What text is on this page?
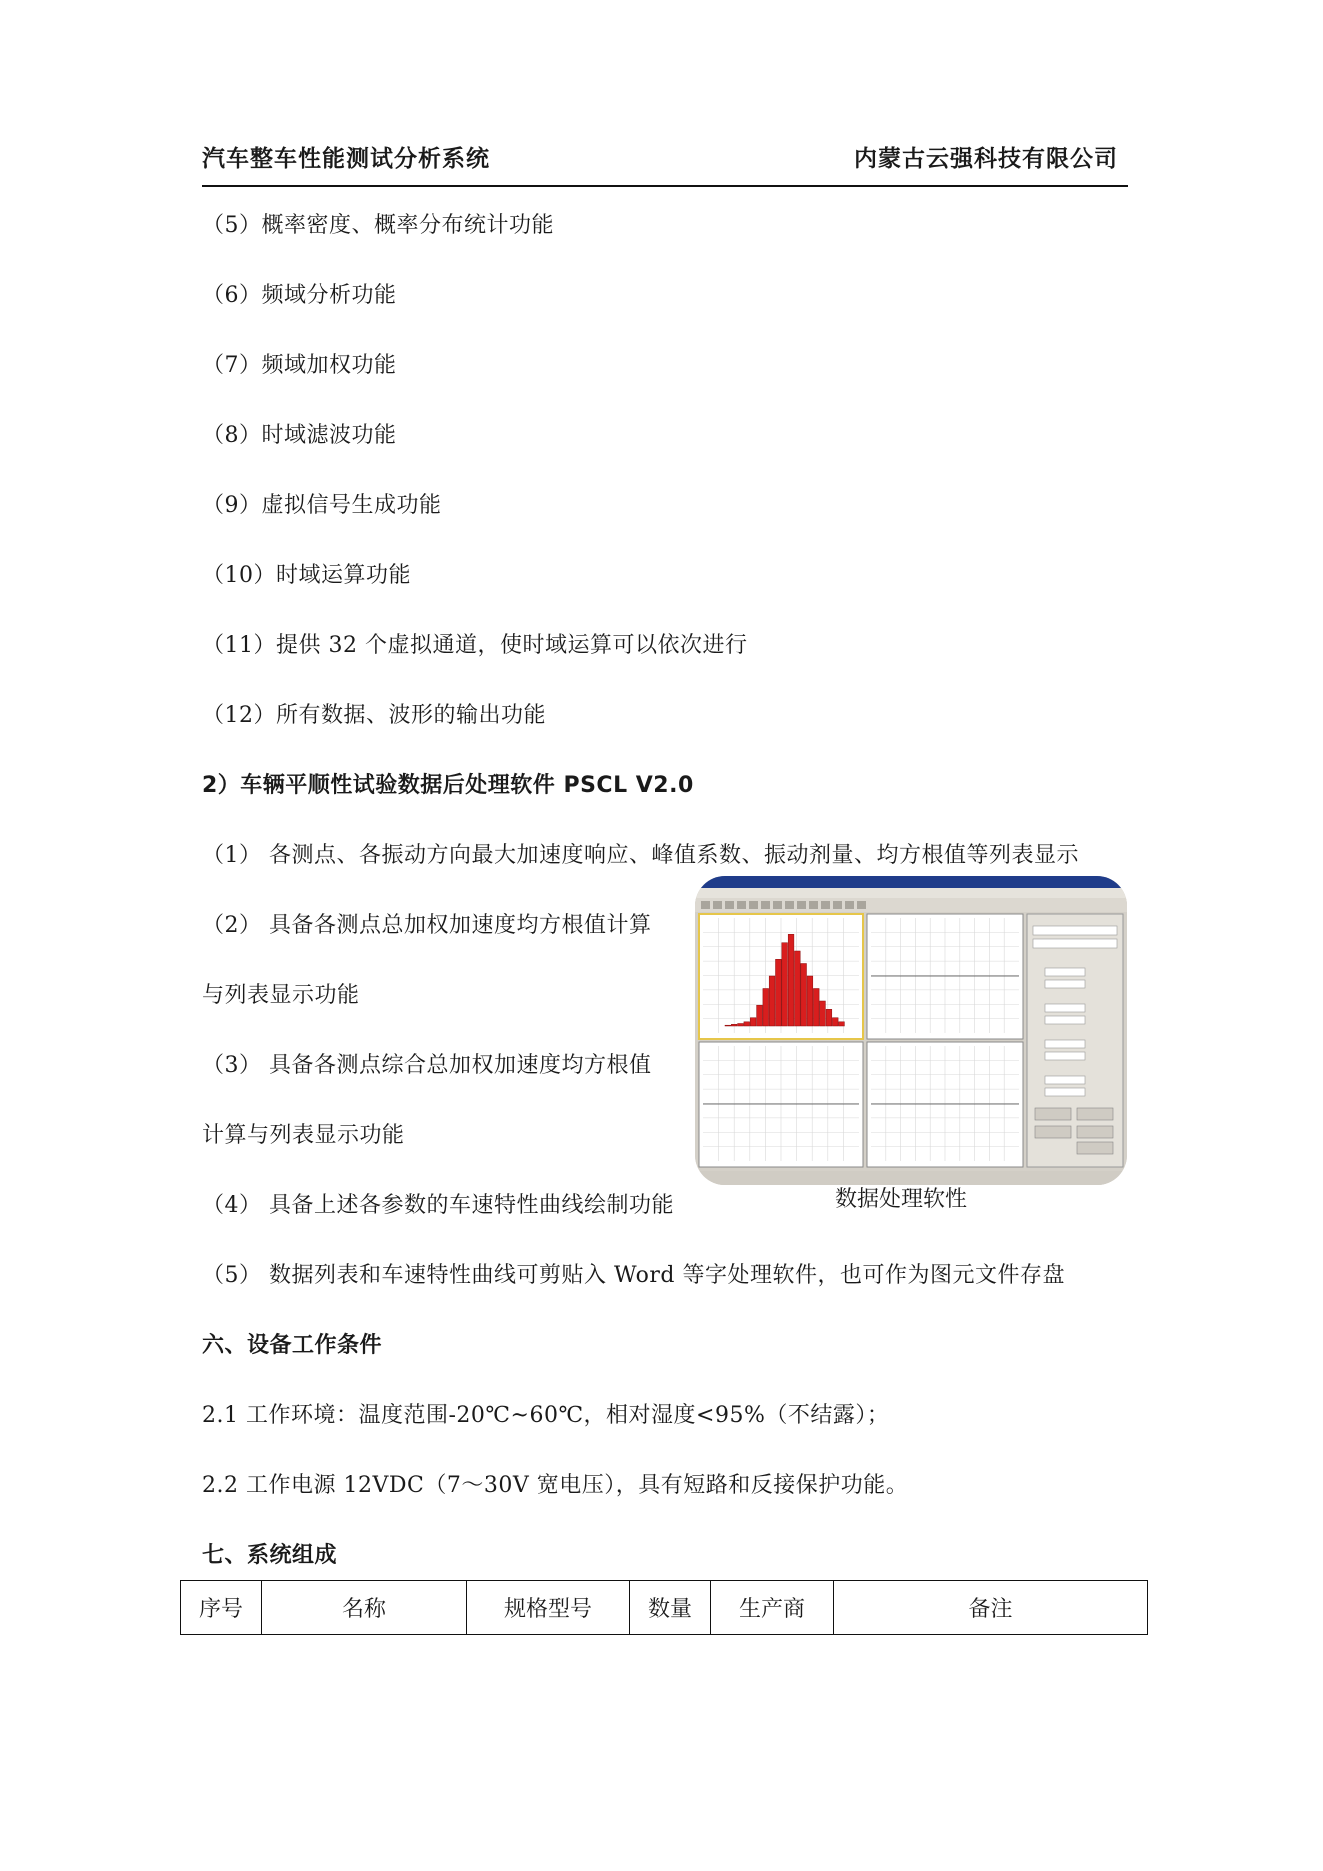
汽车整车性能测试分析系统	内蒙古云强科技有限公司
（5）概率密度、概率分布统计功能
（6）频域分析功能
（7）频域加权功能
（8）时域滤波功能
（9）虚拟信号生成功能
（10）时域运算功能
（11）提供 32 个虚拟通道，使时域运算可以依次进行
（12）所有数据、波形的输出功能
2）车辆平顺性试验数据后处理软件 PSCL V2.0
（1） 各测点、各振动方向最大加速度响应、峰值系数、振动剂量、均方根值等列表显示
（2） 具备各测点总加权加速度均方根值计算
与列表显示功能
（3） 具备各测点综合总加权加速度均方根值
计算与列表显示功能
（4） 具备上述各参数的车速特性曲线绘制功能
（5） 数据列表和车速特性曲线可剪贴入 Word 等字处理软件，也可作为图元文件存盘
数据处理软性
六、设备工作条件
2.1 工作环境：温度范围-20℃~60℃，相对湿度<95%（不结露）；
2.2 工作电源 12VDC（7～30V 宽电压），具有短路和反接保护功能。
七、系统组成
序号	名称	规格型号	数量	生产商	备注
